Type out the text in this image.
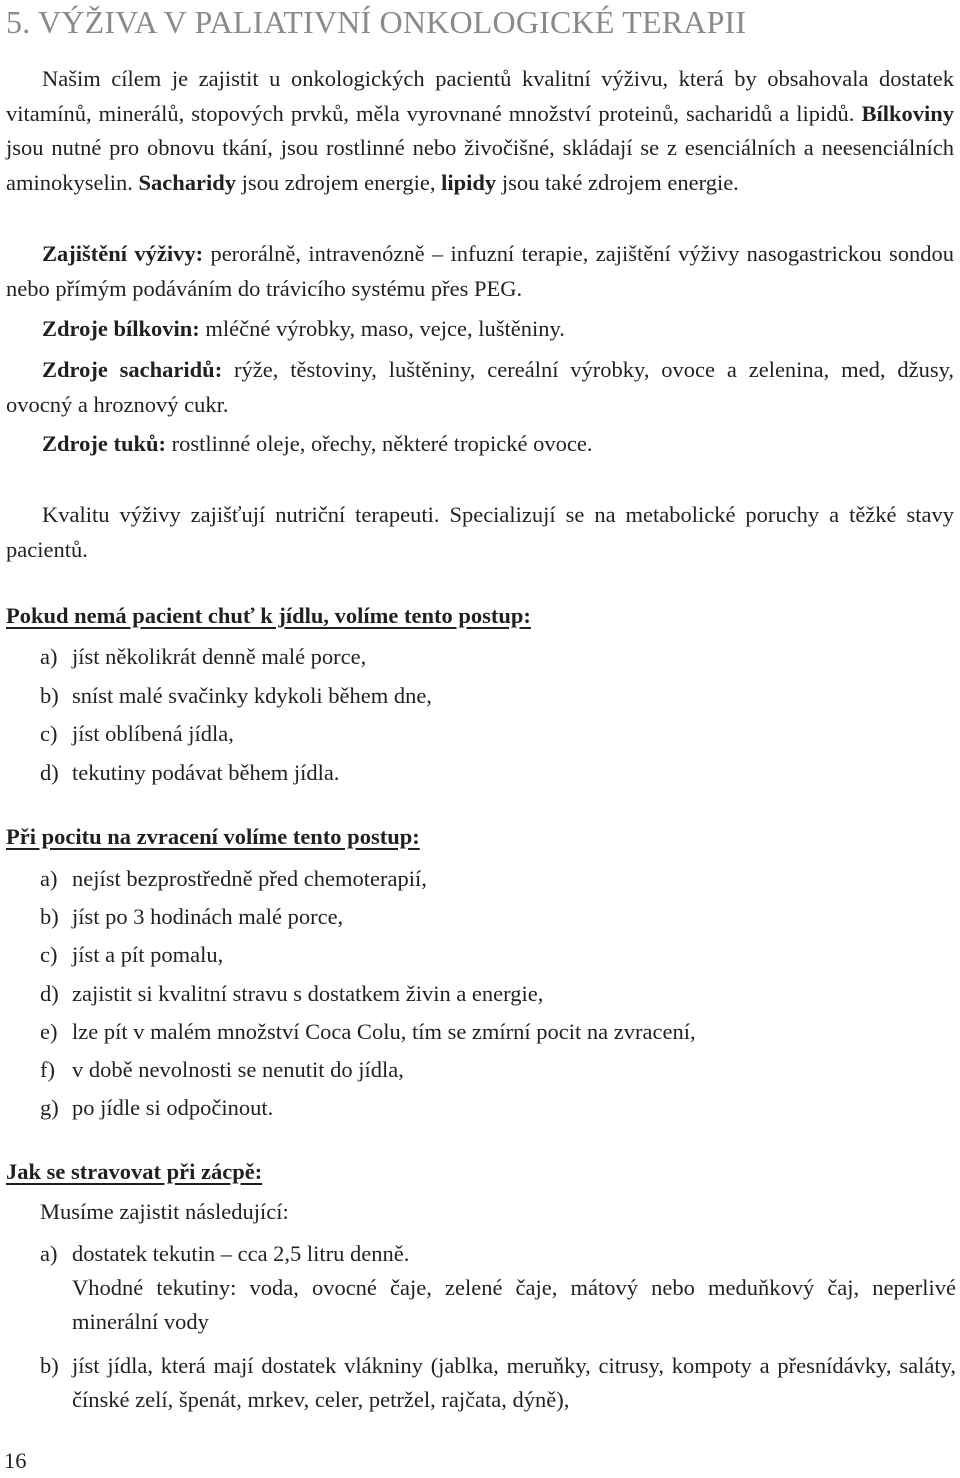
5. VÝŽIVA V PALIATIVNÍ ONKOLOGICKÉ TERAPII

Našim cílem je zajistit u onkologických pacientů kvalitní výživu, která by obsahovala dostatek vitamínů, minerálů, stopových prvků, měla vyrovnané množství proteinů, sacharidů a lipidů. Bílkoviny jsou nutné pro obnovu tkání, jsou rostlinné nebo živočišné, skládají se z esenciálních a neesenciálních aminokyselin. Sacharidy jsou zdrojem energie, lipidy jsou také zdrojem energie.

Zajištění výživy: perorálně, intravenózně – infuzní terapie, zajištění výživy nasogastrickou sondou nebo přímým podáváním do trávicího systému přes PEG.

Zdroje bílkovin: mléčné výrobky, maso, vejce, luštěniny.

Zdroje sacharidů: rýže, těstoviny, luštěniny, cereální výrobky, ovoce a zelenina, med, džusy, ovocný a hroznový cukr.

Zdroje tuků: rostlinné oleje, ořechy, některé tropické ovoce.

Kvalitu výživy zajišťují nutriční terapeuti. Specializují se na metabolické poruchy a těžké stavy pacientů.

Pokud nemá pacient chuť k jídlu, volíme tento postup:
a) jíst několikrát denně malé porce,
b) sníst malé svačinky kdykoli během dne,
c) jíst oblíbená jídla,
d) tekutiny podávat během jídla.
Při pocitu na zvracení volíme tento postup:
a) nejíst bezprostředně před chemoterapií,
b) jíst po 3 hodinách malé porce,
c) jíst a pít pomalu,
d) zajistit si kvalitní stravu s dostatkem živin a energie,
e) lze pít v malém množství Coca Colu, tím se zmírní pocit na zvracení,
f) v době nevolnosti se nenutit do jídla,
g) po jídle si odpočinout.
Jak se stravovat při zácpě:
Musíme zajistit následující:
a) dostatek tekutin – cca 2,5 litru denně.
Vhodné tekutiny: voda, ovocné čaje, zelené čaje, mátový nebo meduňkový čaj, neperlivé minerální vody
b) jíst jídla, která mají dostatek vlákniny (jablka, meruňky, citrusy, kompoty a přesnídávky, saláty, čínské zelí, špenát, mrkev, celer, petržel, rajčata, dýně),
16
